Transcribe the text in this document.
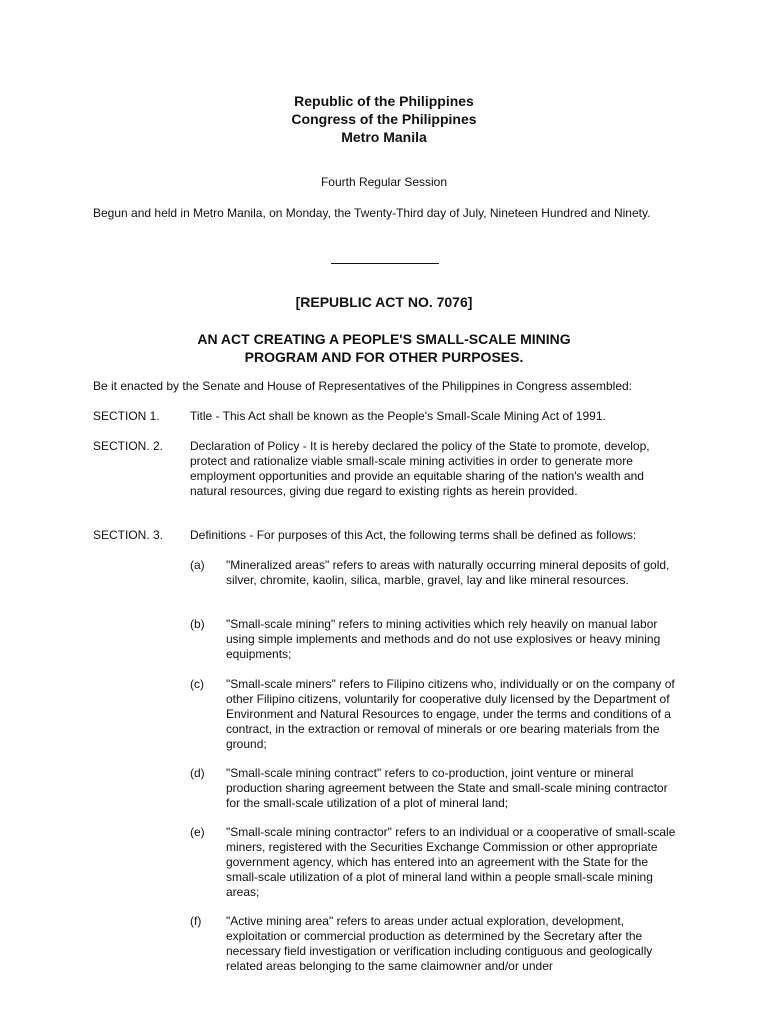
Republic of the Philippines
Congress of the Philippines
Metro Manila
Fourth Regular Session
Begun and held in Metro Manila, on Monday, the Twenty-Third day of July, Nineteen Hundred and Ninety.
[REPUBLIC ACT NO. 7076]
AN ACT CREATING A PEOPLE'S SMALL-SCALE MINING
PROGRAM AND FOR OTHER PURPOSES.
Be it enacted by the Senate and House of Representatives of the Philippines in Congress assembled:
SECTION 1.	Title - This Act shall be known as the People's Small-Scale Mining Act of 1991.
SECTION. 2. Declaration of Policy - It is hereby declared the policy of the State to promote, develop, protect and rationalize viable small-scale mining activities in order to generate more employment opportunities and provide an equitable sharing of the nation's wealth and natural resources, giving due regard to existing rights as herein provided.
SECTION. 3. Definitions - For purposes of this Act, the following terms shall be defined as follows:
(a) "Mineralized areas" refers to areas with naturally occurring mineral deposits of gold, silver, chromite, kaolin, silica, marble, gravel, lay and like mineral resources.
(b) "Small-scale mining" refers to mining activities which rely heavily on manual labor using simple implements and methods and do not use explosives or heavy mining equipments;
(c) "Small-scale miners" refers to Filipino citizens who, individually or on the company of other Filipino citizens, voluntarily for cooperative duly licensed by the Department of Environment and Natural Resources to engage, under the terms and conditions of a contract, in the extraction or removal of minerals or ore bearing materials from the ground;
(d) "Small-scale mining contract" refers to co-production, joint venture or mineral production sharing agreement between the State and small-scale mining contractor for the small-scale utilization of a plot of mineral land;
(e) "Small-scale mining contractor" refers to an individual or a cooperative of small-scale miners, registered with the Securities Exchange Commission or other appropriate government agency, which has entered into an agreement with the State for the small-scale utilization of a plot of mineral land within a people small-scale mining areas;
(f) "Active mining area" refers to areas under actual exploration, development, exploitation or commercial production as determined by the Secretary after the necessary field investigation or verification including contiguous and geologically related areas belonging to the same claimowner and/or under
